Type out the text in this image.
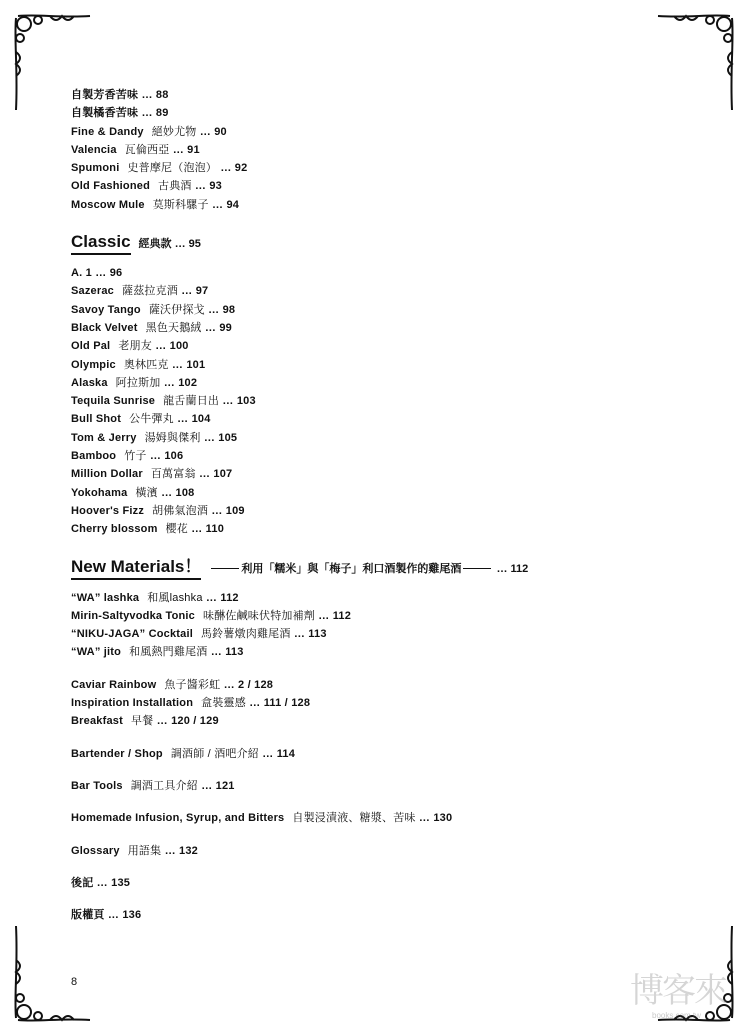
自製芳香苦味 … 88
自製橘香苦味 … 89
Fine & Dandy 絕妙尤物 … 90
Valencia 瓦倫西亞 … 91
Spumoni 史普摩尼（泡泡） … 92
Old Fashioned 古典酒 … 93
Moscow Mule 莫斯科騾子 … 94
Classic 經典款 … 95
A. 1 … 96
Sazerac 薩茲拉克酒 … 97
Savoy Tango 薩沃伊探戈 … 98
Black Velvet 黑色天鵝絨 … 99
Old Pal 老朋友 … 100
Olympic 奧林匹克 … 101
Alaska 阿拉斯加 … 102
Tequila Sunrise 龍舌蘭日出 … 103
Bull Shot 公牛彈丸 … 104
Tom & Jerry 湯姆與傑利 … 105
Bamboo 竹子 … 106
Million Dollar 百萬富翁 … 107
Yokohama 橫濱 … 108
Hoover's Fizz 胡佛氣泡酒 … 109
Cherry blossom 櫻花 … 110
New Materials！	利用「糯米」與「梅子」利口酒製作的雞尾酒	… 112
“WA” lashka 和風lashka … 112
Mirin-Saltyvodka Tonic 味醂佐鹹味伏特加補劑 … 112
“NIKU-JAGA” Cocktail 馬鈴薯燉肉雞尾酒 … 113
“WA” jito 和風熱門雞尾酒 … 113
Caviar Rainbow 魚子醬彩虹 … 2 / 128
Inspiration Installation 盒裝靈感 … 111 / 128
Breakfast 早餐 … 120 / 129
Bartender / Shop 調酒師 / 酒吧介紹 … 114
Bar Tools 調酒工具介紹 … 121
Homemade Infusion, Syrup, and Bitters 自製浸漬液、糖漿、苦味 … 130
Glossary 用語集 … 132
後記 … 135
版權頁 … 136
8	博客來
books.com.tw
